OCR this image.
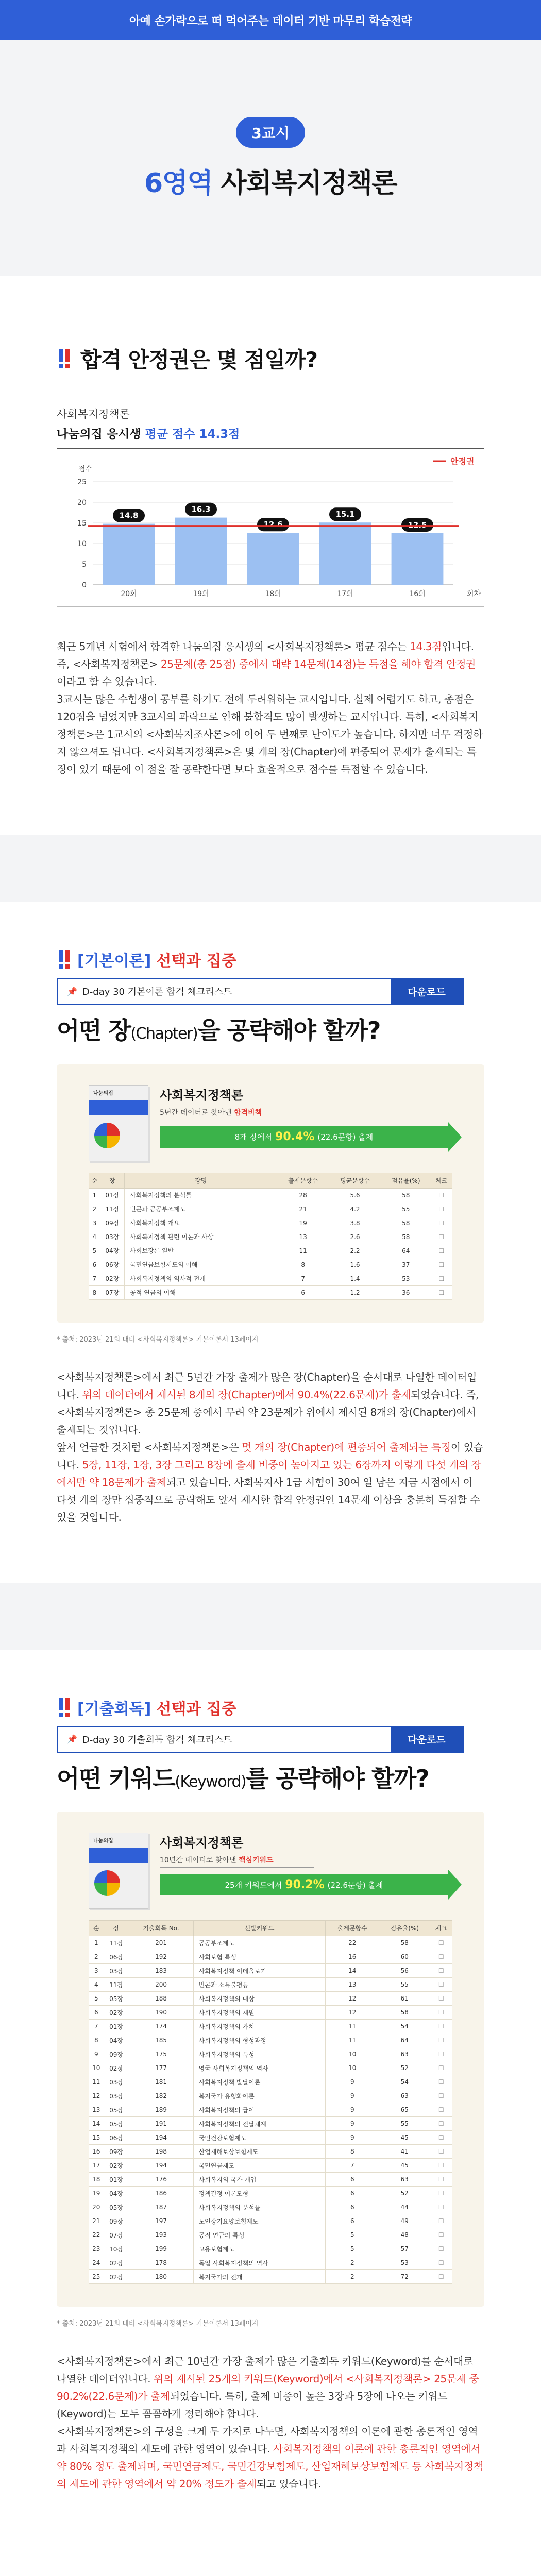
아예 손가락으로 떠 먹어주는 데이터 기반 마무리 학습전략
3교시
6영역 사회복지정책론
합격 안정권은 몇 점일까?
사회복지정책론
나눔의집 응시생 평균 점수 14.3점
0
5
10
15
20
25
점수
14.8
20회
16.3
19회
12.6
18회
15.1
17회
12.5
16회	회차
안정권
최근 5개년 시험에서 합격한 나눔의집 응시생의 <사회복지정책론> 평균 점수는 14.3점입니다. 즉, <사회복지정책론> 25문제(총 25점) 중에서 대략 14문제(14점)는 득점을 해야 합격 안정권이라고 할 수 있습니다.
3교시는 많은 수험생이 공부를 하기도 전에 두려워하는 교시입니다. 실제 어렵기도 하고, 총점은 120점을 넘었지만 3교시의 과락으로 인해 불합격도 많이 발생하는 교시입니다. 특히, <사회복지정책론>은 1교시의 <사회복지조사론>에 이어 두 번째로 난이도가 높습니다. 하지만 너무 걱정하지 않으셔도 됩니다. <사회복지정책론>은 몇 개의 장(Chapter)에 편중되어 문제가 출제되는 특징이 있기 때문에 이 점을 잘 공략한다면 보다 효율적으로 점수를 득점할 수 있습니다.
[기본이론] 선택과 집중
📌 D-day 30 기본이론 합격 체크리스트	다운로드
어떤 장(Chapter)을 공략해야 할까?
나눔의집	사회복지정책론
5년간 데이터로 찾아낸 합격비책
8개 장에서 90.4% (22.6문항) 출제
순	장	장명	출제문항수	평균문항수	점유율(%)	체크
1	01장	사회복지정책의 분석틀	28	5.6	58	☐
2	11장	빈곤과 공공부조제도	21	4.2	55	☐
3	09장	사회복지정책 개요	19	3.8	58	☐
4	03장	사회복지정책 관련 이론과 사상	13	2.6	58	☐
5	04장	사회보장론 일반	11	2.2	64	☐
6	06장	국민연금보험제도의 이해	8	1.6	37	☐
7	02장	사회복지정책의 역사적 전개	7	1.4	53	☐
8	07장	공적 연금의 이해	6	1.2	36	☐
* 출처: 2023년 21회 대비 <사회복지정책론> 기본이론서 13페이지
<사회복지정책론>에서 최근 5년간 가장 출제가 많은 장(Chapter)을 순서대로 나열한 데이터입니다. 위의 데이터에서 제시된 8개의 장(Chapter)에서 90.4%(22.6문제)가 출제되었습니다. 즉, <사회복지정책론> 총 25문제 중에서 무려 약 23문제가 위에서 제시된 8개의 장(Chapter)에서 출제되는 것입니다.
앞서 언급한 것처럼 <사회복지정책론>은 몇 개의 장(Chapter)에 편중되어 출제되는 특징이 있습니다. 5장, 11장, 1장, 3장 그리고 8장에 출제 비중이 높아지고 있는 6장까지 이렇게 다섯 개의 장에서만 약 18문제가 출제되고 있습니다. 사회복지사 1급 시험이 30여 일 남은 지금 시점에서 이 다섯 개의 장만 집중적으로 공략해도 앞서 제시한 합격 안정권인 14문제 이상을 충분히 득점할 수 있을 것입니다.
[기출회독] 선택과 집중
📌 D-day 30 기출회독 합격 체크리스트	다운로드
어떤 키워드(Keyword)를 공략해야 할까?
나눔의집	사회복지정책론
10년간 데이터로 찾아낸 핵심키워드
25개 키워드에서 90.2% (22.6문항) 출제
순	장	기출회독 No.	선발키워드	출제문항수	점유율(%)	체크
1	11장	201	공공부조제도	22	58	☐
2	06장	192	사회보험 특성	16	60	☐
3	03장	183	사회복지정책 이데올로기	14	56	☐
4	11장	200	빈곤과 소득불평등	13	55	☐
5	05장	188	사회복지정책의 대상	12	61	☐
6	02장	190	사회복지정책의 재원	12	58	☐
7	01장	174	사회복지정책의 가치	11	54	☐
8	04장	185	사회복지정책의 형성과정	11	64	☐
9	09장	175	사회복지정책의 특성	10	63	☐
10	02장	177	영국 사회복지정책의 역사	10	52	☐
11	03장	181	사회복지정책 발달이론	9	54	☐
12	03장	182	복지국가 유형화이론	9	63	☐
13	05장	189	사회복지정책의 급여	9	65	☐
14	05장	191	사회복지정책의 전달체계	9	55	☐
15	06장	194	국민건강보험제도	9	45	☐
16	09장	198	산업재해보상보험제도	8	41	☐
17	02장	194	국민연금제도	7	45	☐
18	01장	176	사회복지의 국가 개입	6	63	☐
19	04장	186	정책결정 이론모형	6	52	☐
20	05장	187	사회복지정책의 분석틀	6	44	☐
21	09장	197	노인장기요양보험제도	6	49	☐
22	07장	193	공적 연금의 특성	5	48	☐
23	10장	199	고용보험제도	5	57	☐
24	02장	178	독일 사회복지정책의 역사	2	53	☐
25	02장	180	복지국가의 전개	2	72	☐
* 출처: 2023년 21회 대비 <사회복지정책론> 기본이론서 13페이지
<사회복지정책론>에서 최근 10년간 가장 출제가 많은 기출회독 키워드(Keyword)를 순서대로 나열한 데이터입니다. 위의 제시된 25개의 키워드(Keyword)에서 <사회복지정책론> 25문제 중 90.2%(22.6문제)가 출제되었습니다. 특히, 출제 비중이 높은 3장과 5장에 나오는 키워드(Keyword)는 모두 꼼꼼하게 정리해야 합니다.
<사회복지정책론>의 구성을 크게 두 가지로 나누면, 사회복지정책의 이론에 관한 총론적인 영역과 사회복지정책의 제도에 관한 영역이 있습니다. 사회복지정책의 이론에 관한 총론적인 영역에서 약 80% 정도 출제되며, 국민연금제도, 국민건강보험제도, 산업재해보상보험제도 등 사회복지정책의 제도에 관한 영역에서 약 20% 정도가 출제되고 있습니다.
